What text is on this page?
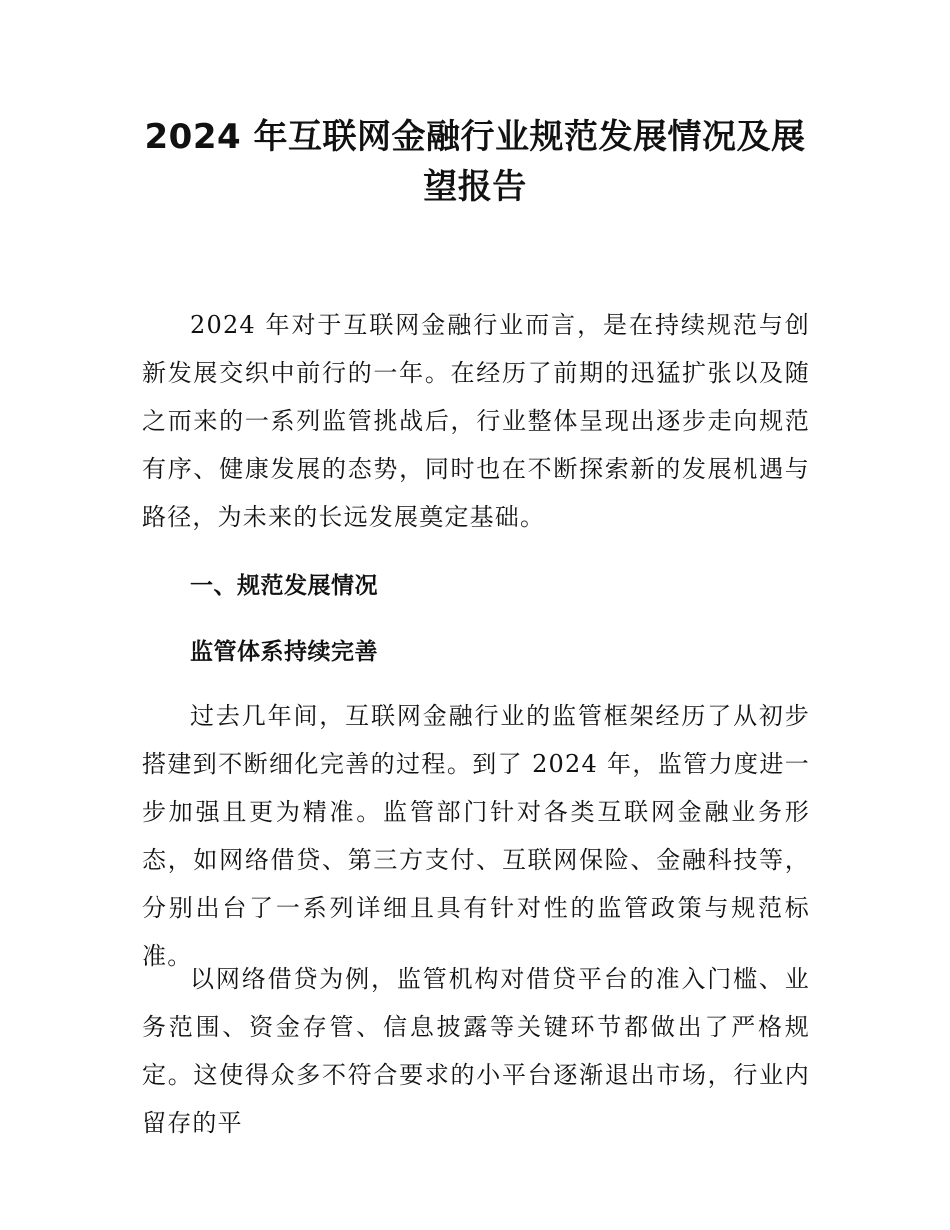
2024 年互联网金融行业规范发展情况及展望报告

2024 年对于互联网金融行业而言，是在持续规范与创新发展交织中前行的一年。在经历了前期的迅猛扩张以及随之而来的一系列监管挑战后，行业整体呈现出逐步走向规范有序、健康发展的态势，同时也在不断探索新的发展机遇与路径，为未来的长远发展奠定基础。

一、规范发展情况
监管体系持续完善

过去几年间，互联网金融行业的监管框架经历了从初步搭建到不断细化完善的过程。到了 2024 年，监管力度进一步加强且更为精准。监管部门针对各类互联网金融业务形态，如网络借贷、第三方支付、互联网保险、金融科技等，分别出台了一系列详细且具有针对性的监管政策与规范标准。

以网络借贷为例，监管机构对借贷平台的准入门槛、业务范围、资金存管、信息披露等关键环节都做出了严格规定。这使得众多不符合要求的小平台逐渐退出市场，行业内留存的平
